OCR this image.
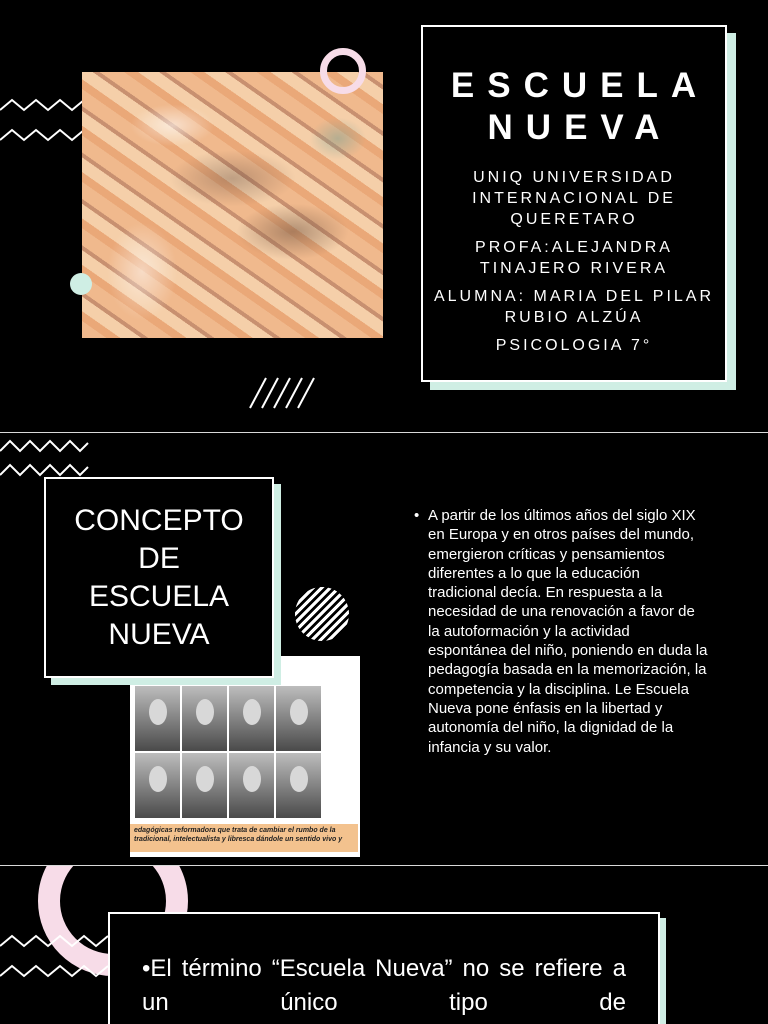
ESCUELA
NUEVA

UNIQ UNIVERSIDAD INTERNACIONAL DE QUERETARO

PROFA:ALEJANDRA TINAJERO RIVERA

ALUMNA: MARIA DEL PILAR RUBIO ALZÚA

PSICOLOGIA 7°

edagógicas reformadora que trata de cambiar el rumbo de la tradicional, intelectualista y libresca dándole un sentido vivo y
CONCEPTO DE ESCUELA NUEVA
• A partir de los últimos años del siglo XIX en Europa y en otros países del mundo, emergieron críticas y pensamientos diferentes a lo que la educación tradicional decía. En respuesta a la necesidad de una renovación a favor de la autoformación y la actividad espontánea del niño, poniendo en duda la pedagogía basada en la memorización, la competencia y la disciplina. Le Escuela Nueva pone énfasis en la libertad y autonomía del niño, la dignidad de la infancia y su valor.
•El término “Escuela Nueva” no se refiere a un único tipo de
